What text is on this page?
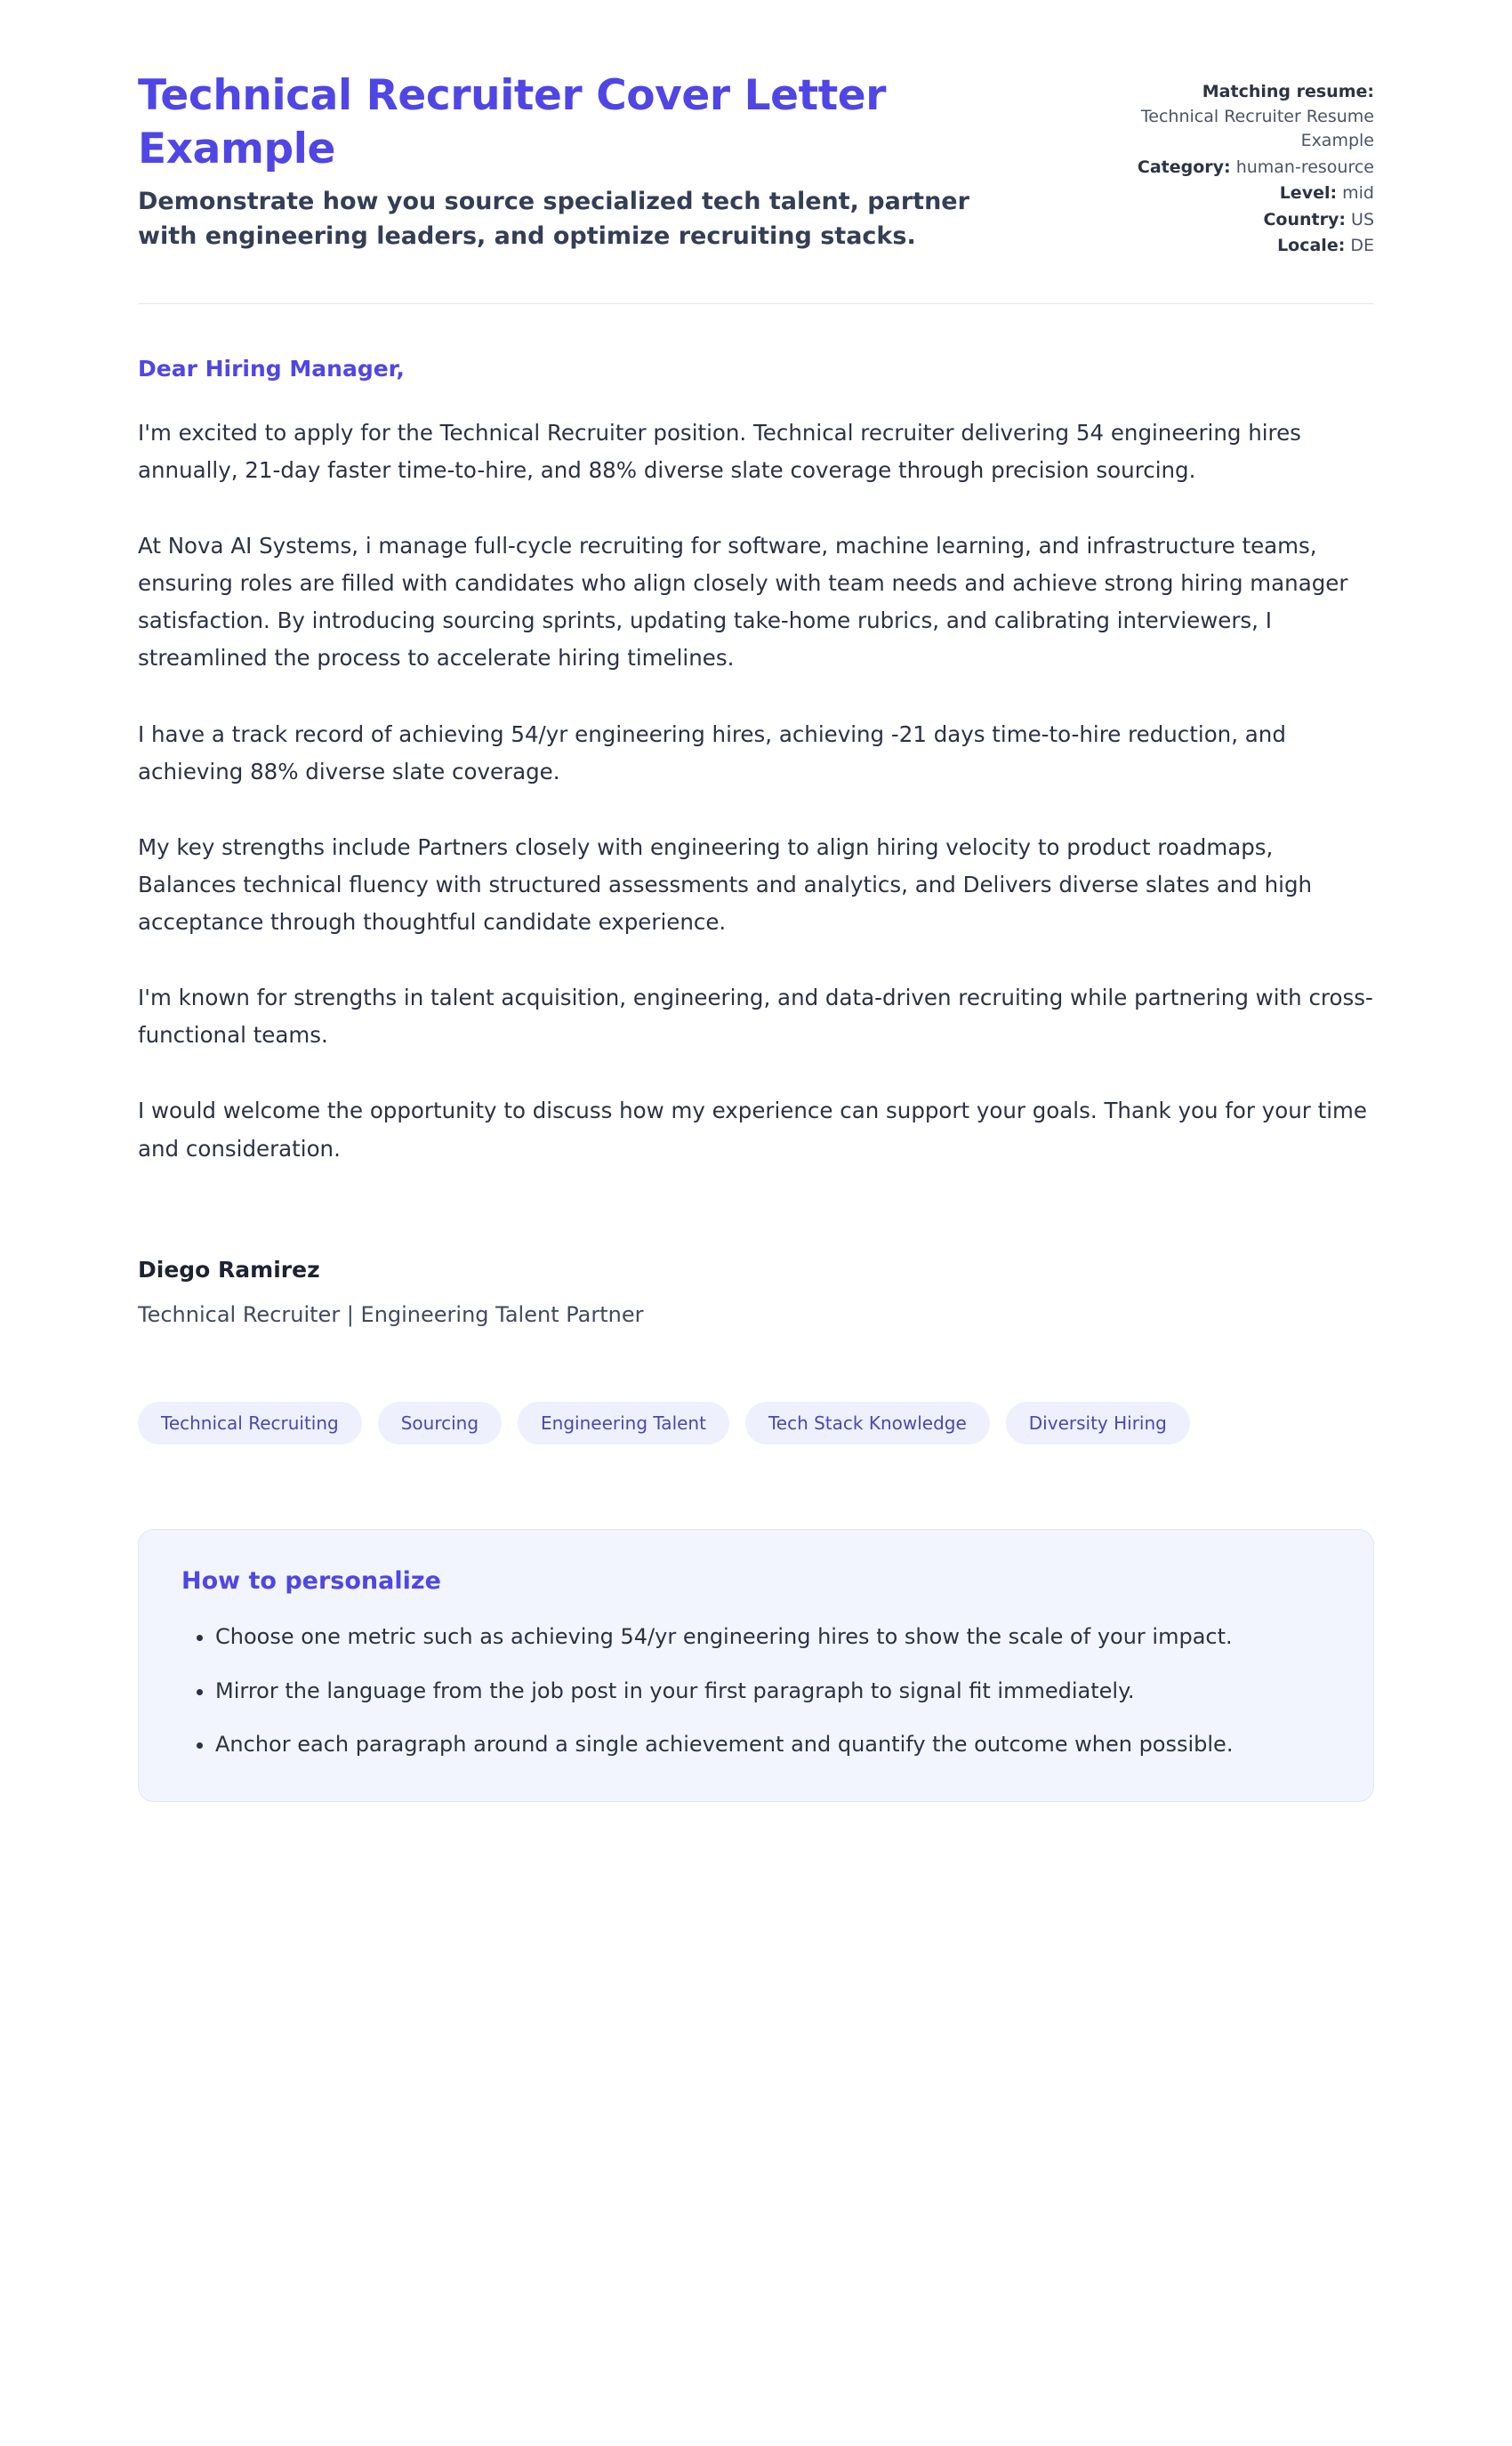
Technical Recruiter Cover Letter Example

Demonstrate how you source specialized tech talent, partner with engineering leaders, and optimize recruiting stacks.

Matching resume:
Technical Recruiter Resume Example
Category: human-resource
Level: mid
Country: US
Locale: DE

Dear Hiring Manager,

I'm excited to apply for the Technical Recruiter position. Technical recruiter delivering 54 engineering hires annually, 21-day faster time-to-hire, and 88% diverse slate coverage through precision sourcing.

At Nova AI Systems, i manage full-cycle recruiting for software, machine learning, and infrastructure teams, ensuring roles are filled with candidates who align closely with team needs and achieve strong hiring manager satisfaction. By introducing sourcing sprints, updating take-home rubrics, and calibrating interviewers, I streamlined the process to accelerate hiring timelines.

I have a track record of achieving 54/yr engineering hires, achieving -21 days time-to-hire reduction, and achieving 88% diverse slate coverage.

My key strengths include Partners closely with engineering to align hiring velocity to product roadmaps, Balances technical fluency with structured assessments and analytics, and Delivers diverse slates and high acceptance through thoughtful candidate experience.

I'm known for strengths in talent acquisition, engineering, and data-driven recruiting while partnering with cross-functional teams.

I would welcome the opportunity to discuss how my experience can support your goals. Thank you for your time and consideration.

Diego Ramirez

Technical Recruiter | Engineering Talent Partner

Technical Recruiting	Sourcing	Engineering Talent	Tech Stack Knowledge	Diversity Hiring
How to personalize
• Choose one metric such as achieving 54/yr engineering hires to show the scale of your impact.
• Mirror the language from the job post in your first paragraph to signal fit immediately.
• Anchor each paragraph around a single achievement and quantify the outcome when possible.
